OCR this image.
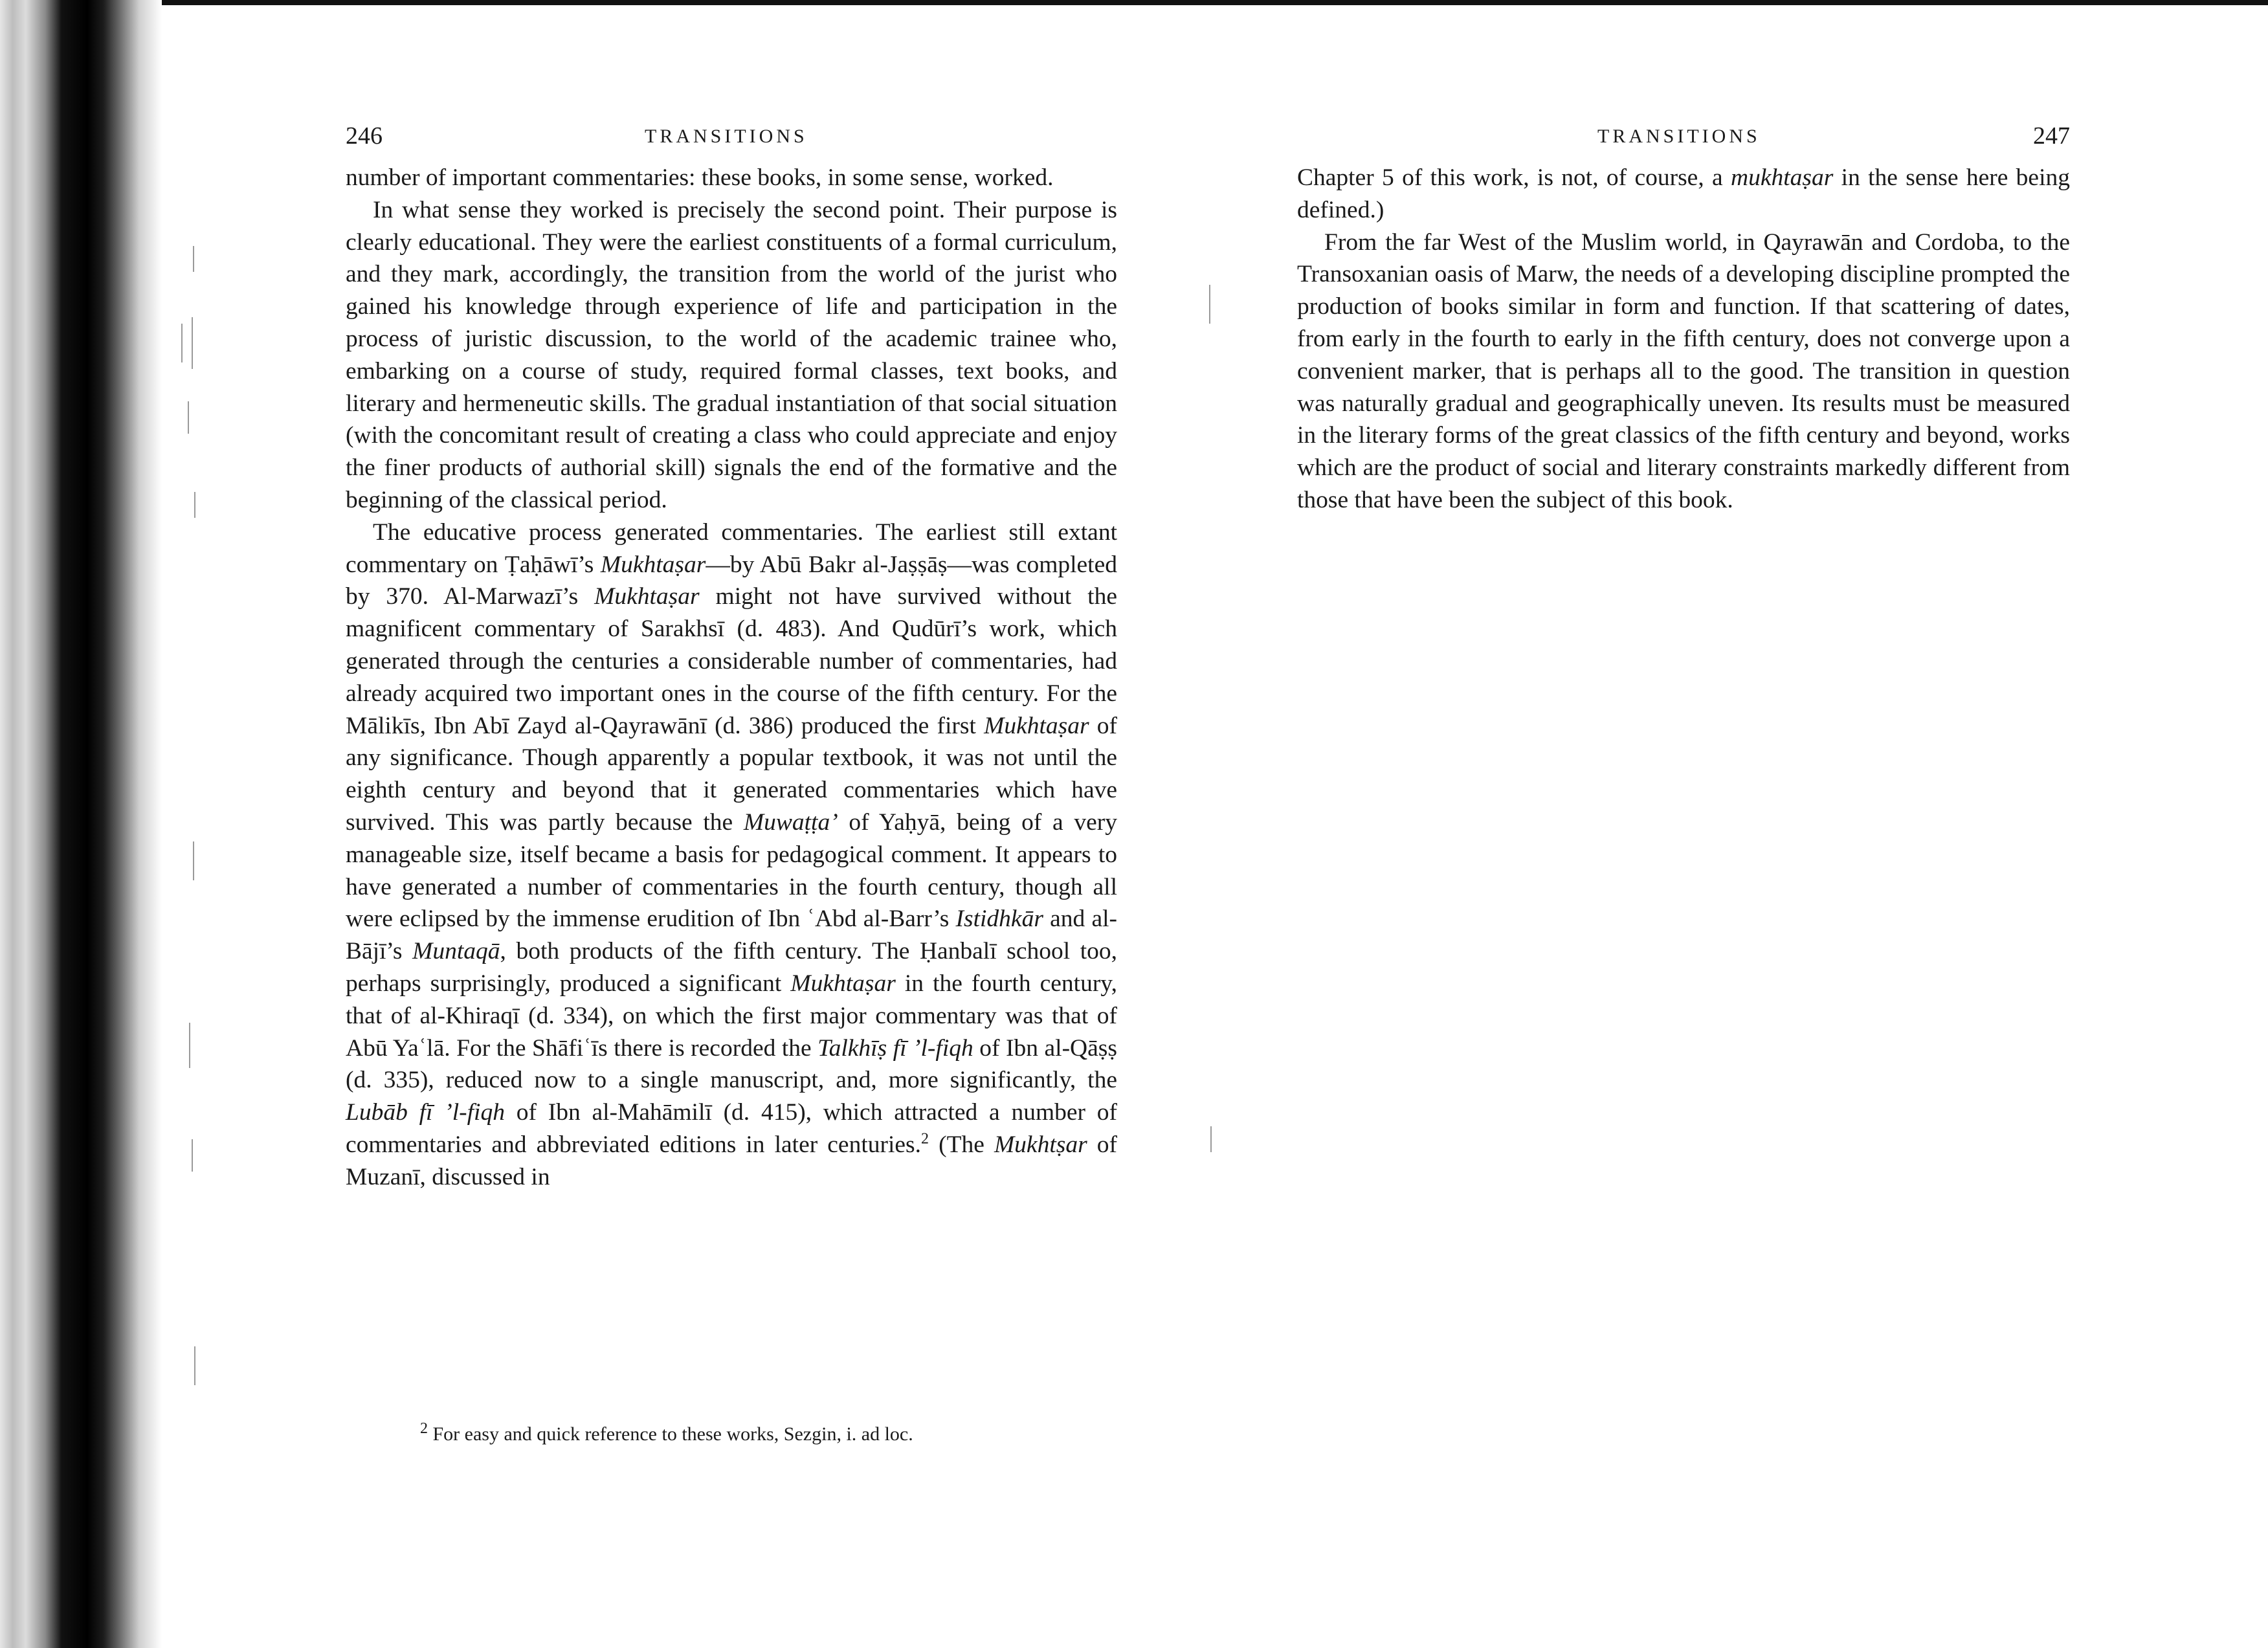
246	TRANSITIONS

number of important commentaries: these books, in some sense, worked.

In what sense they worked is precisely the second point. Their purpose is clearly educational. They were the earliest constituents of a formal curriculum, and they mark, accordingly, the transition from the world of the jurist who gained his knowledge through experience of life and participation in the process of juristic discussion, to the world of the academic trainee who, embarking on a course of study, required formal classes, text books, and literary and hermeneutic skills. The gradual instantiation of that social situation (with the concomitant result of creating a class who could appreciate and enjoy the finer products of authorial skill) signals the end of the formative and the beginning of the classical period.

The educative process generated commentaries. The earliest still extant commentary on Ṭaḥāwī’s Mukhtaṣar—by Abū Bakr al-Jaṣṣāṣ—was completed by 370. Al-Marwazī’s Mukhtaṣar might not have survived without the magnificent commentary of Sarakhsī (d. 483). And Qudūrī’s work, which generated through the centuries a considerable number of commentaries, had already acquired two important ones in the course of the fifth century. For the Mālikīs, Ibn Abī Zayd al-Qayrawānī (d. 386) produced the first Mukhtaṣar of any significance. Though apparently a popular textbook, it was not until the eighth century and beyond that it generated commentaries which have survived. This was partly because the Muwaṭṭa’ of Yaḥyā, being of a very manageable size, itself became a basis for pedagogical comment. It appears to have generated a number of commentaries in the fourth century, though all were eclipsed by the immense erudition of Ibn ʿAbd al-Barr’s Istidhkār and al-Bājī’s Muntaqā, both products of the fifth century. The Ḥanbalī school too, perhaps surprisingly, produced a significant Mukhtaṣar in the fourth century, that of al-Khiraqī (d. 334), on which the first major commentary was that of Abū Yaʿlā. For the Shāfiʿīs there is recorded the Talkhīṣ fī ’l-fiqh of Ibn al-Qāṣṣ (d. 335), reduced now to a single manuscript, and, more significantly, the Lubāb fī ’l-fiqh of Ibn al-Mahāmilī (d. 415), which attracted a number of commentaries and abbreviated editions in later centuries.$^2$ (The Mukhtṣar of Muzanī, discussed in

$^2$ For easy and quick reference to these works, Sezgin, i. ad loc.
TRANSITIONS	247

Chapter 5 of this work, is not, of course, a mukhtaṣar in the sense here being defined.)

From the far West of the Muslim world, in Qayrawān and Cordoba, to the Transoxanian oasis of Marw, the needs of a developing discipline prompted the production of books similar in form and function. If that scattering of dates, from early in the fourth to early in the fifth century, does not converge upon a convenient marker, that is perhaps all to the good. The transition in question was naturally gradual and geographically uneven. Its results must be measured in the literary forms of the great classics of the fifth century and beyond, works which are the product of social and literary constraints markedly different from those that have been the subject of this book.
